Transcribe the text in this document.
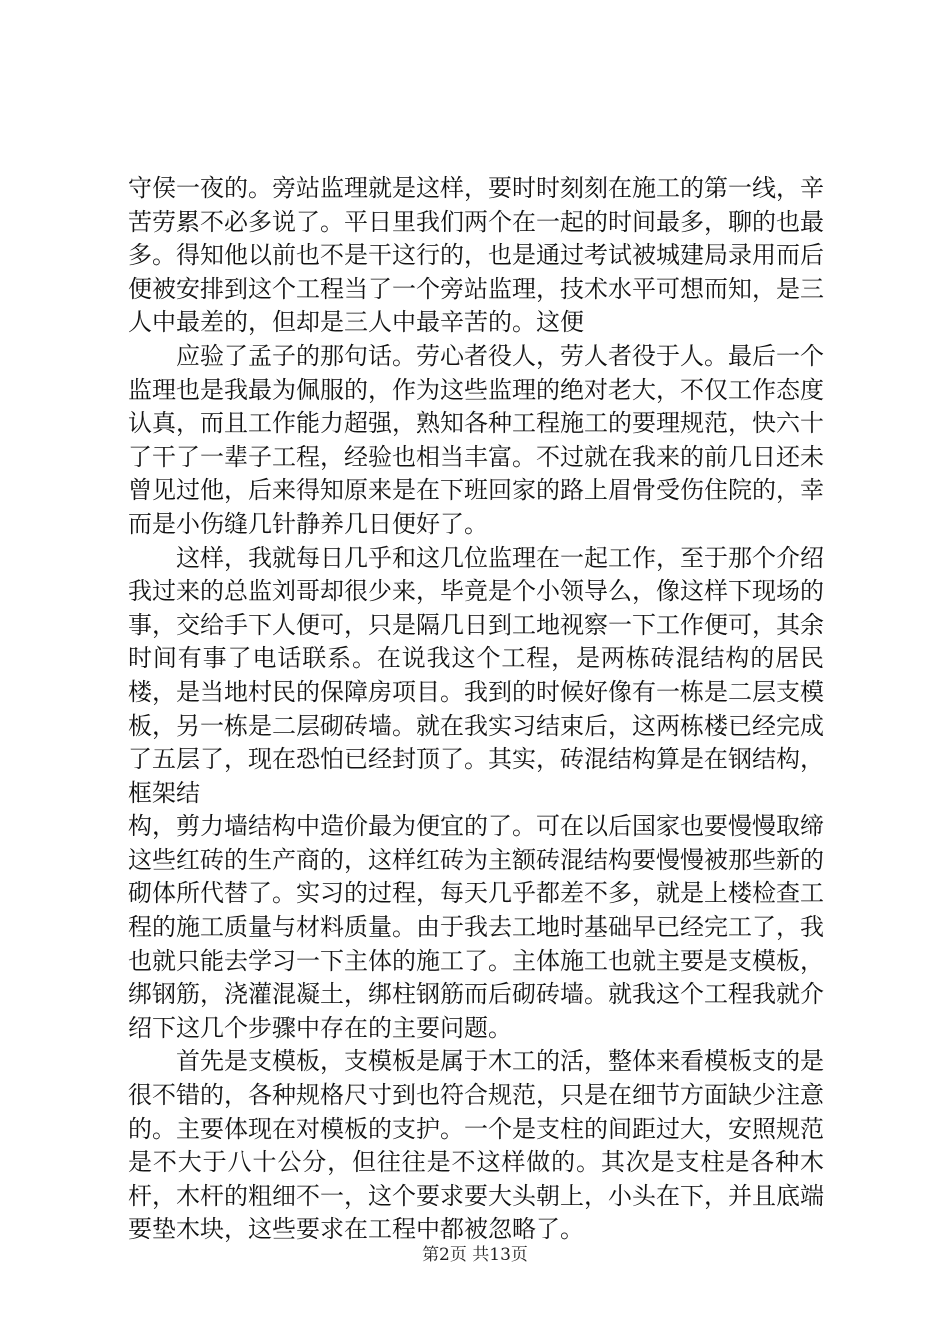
守侯一夜的。旁站监理就是这样，要时时刻刻在施工的第一线，辛苦劳累不必多说了。平日里我们两个在一起的时间最多，聊的也最多。得知他以前也不是干这行的，也是通过考试被城建局录用而后便被安排到这个工程当了一个旁站监理，技术水平可想而知，是三人中最差的，但却是三人中最辛苦的。这便

应验了孟子的那句话。劳心者役人，劳人者役于人。最后一个监理也是我最为佩服的，作为这些监理的绝对老大，不仅工作态度认真，而且工作能力超强，熟知各种工程施工的要理规范，快六十了干了一辈子工程，经验也相当丰富。不过就在我来的前几日还未曾见过他，后来得知原来是在下班回家的路上眉骨受伤住院的，幸而是小伤缝几针静养几日便好了。

这样，我就每日几乎和这几位监理在一起工作，至于那个介绍我过来的总监刘哥却很少来，毕竟是个小领导么，像这样下现场的事，交给手下人便可，只是隔几日到工地视察一下工作便可，其余时间有事了电话联系。在说我这个工程，是两栋砖混结构的居民楼，是当地村民的保障房项目。我到的时候好像有一栋是二层支模板，另一栋是二层砌砖墙。就在我实习结束后，这两栋楼已经完成了五层了，现在恐怕已经封顶了。其实，砖混结构算是在钢结构，框架结

构，剪力墙结构中造价最为便宜的了。可在以后国家也要慢慢取缔这些红砖的生产商的，这样红砖为主额砖混结构要慢慢被那些新的砌体所代替了。实习的过程，每天几乎都差不多，就是上楼检查工程的施工质量与材料质量。由于我去工地时基础早已经完工了，我也就只能去学习一下主体的施工了。主体施工也就主要是支模板，绑钢筋，浇灌混凝土，绑柱钢筋而后砌砖墙。就我这个工程我就介绍下这几个步骤中存在的主要问题。

首先是支模板，支模板是属于木工的活，整体来看模板支的是很不错的，各种规格尺寸到也符合规范，只是在细节方面缺少注意的。主要体现在对模板的支护。一个是支柱的间距过大，安照规范是不大于八十公分，但往往是不这样做的。其次是支柱是各种木杆，木杆的粗细不一，这个要求要大头朝上，小头在下，并且底端要垫木块，这些要求在工程中都被忽略了。

第2页 共13页
